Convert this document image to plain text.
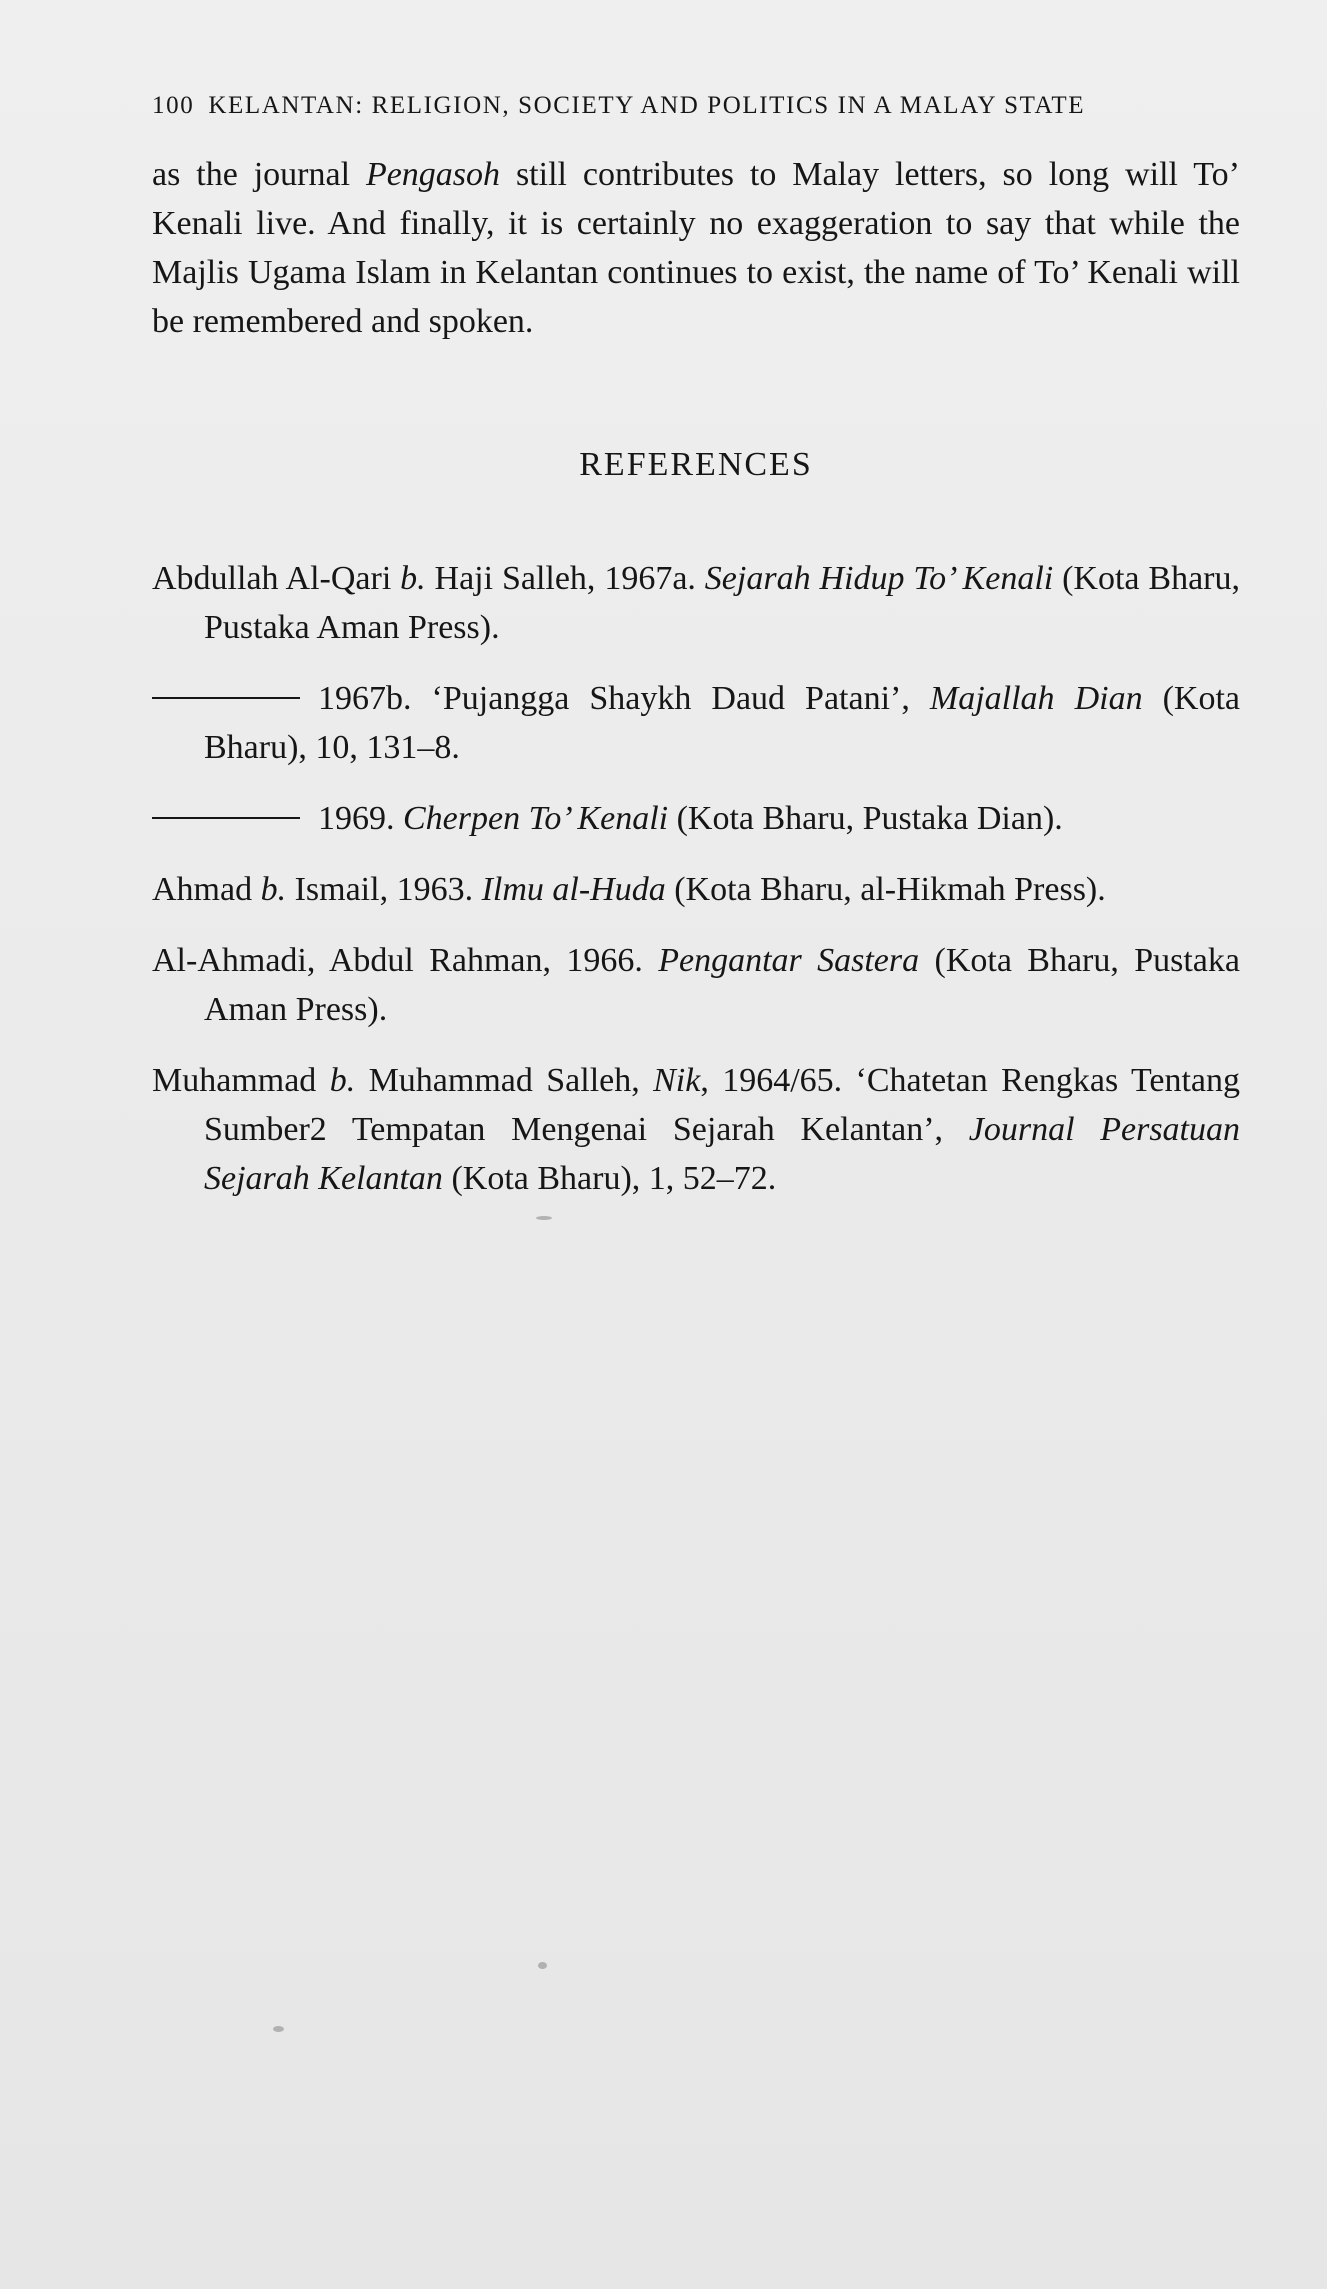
100 KELANTAN: RELIGION, SOCIETY AND POLITICS IN A MALAY STATE

as the journal Pengasoh still contributes to Malay letters, so long will To’ Kenali live. And finally, it is certainly no exaggeration to say that while the Majlis Ugama Islam in Kelantan continues to exist, the name of To’ Kenali will be remembered and spoken.

REFERENCES

Abdullah Al-Qari b. Haji Salleh, 1967a. Sejarah Hidup To’ Kenali (Kota Bharu, Pustaka Aman Press).

1967b. ‘Pujangga Shaykh Daud Patani’, Majallah Dian (Kota Bharu), 10, 131–8.

1969. Cherpen To’ Kenali (Kota Bharu, Pustaka Dian).

Ahmad b. Ismail, 1963. Ilmu al-Huda (Kota Bharu, al-Hikmah Press).

Al-Ahmadi, Abdul Rahman, 1966. Pengantar Sastera (Kota Bharu, Pustaka Aman Press).

Muhammad b. Muhammad Salleh, Nik, 1964/65. ‘Chatetan Rengkas Tentang Sumber2 Tempatan Mengenai Sejarah Kelantan’, Journal Persatuan Sejarah Kelantan (Kota Bharu), 1, 52–72.
